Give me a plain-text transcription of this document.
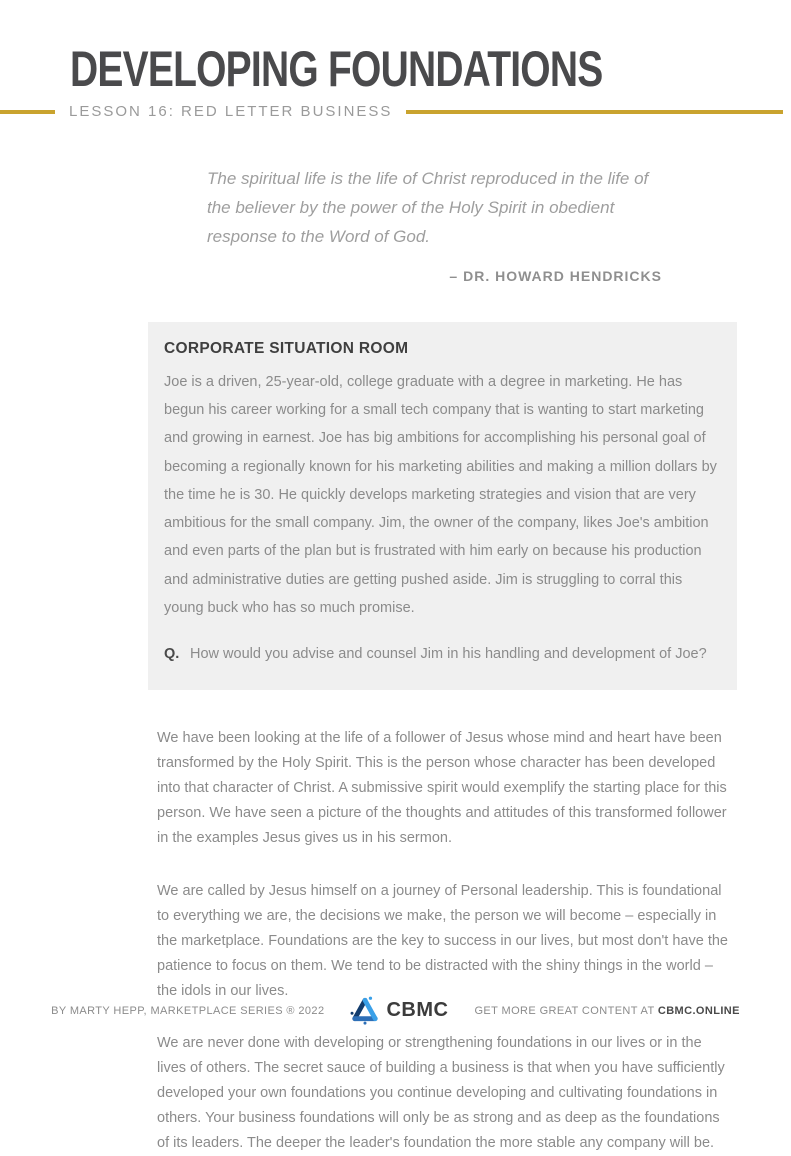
DEVELOPING FOUNDATIONS
LESSON 16: RED LETTER BUSINESS
The spiritual life is the life of Christ reproduced in the life of the believer by the power of the Holy Spirit in obedient response to the Word of God.
– DR. HOWARD HENDRICKS
CORPORATE SITUATION ROOM
Joe is a driven, 25-year-old, college graduate with a degree in marketing. He has begun his career working for a small tech company that is wanting to start marketing and growing in earnest. Joe has big ambitions for accomplishing his personal goal of becoming a regionally known for his marketing abilities and making a million dollars by the time he is 30. He quickly develops marketing strategies and vision that are very ambitious for the small company. Jim, the owner of the company, likes Joe's ambition and even parts of the plan but is frustrated with him early on because his production and administrative duties are getting pushed aside. Jim is struggling to corral this young buck who has so much promise.
Q. How would you advise and counsel Jim in his handling and development of Joe?

We have been looking at the life of a follower of Jesus whose mind and heart have been transformed by the Holy Spirit. This is the person whose character has been developed into that character of Christ. A submissive spirit would exemplify the starting place for this person. We have seen a picture of the thoughts and attitudes of this transformed follower in the examples Jesus gives us in his sermon.

We are called by Jesus himself on a journey of Personal leadership. This is foundational to everything we are, the decisions we make, the person we will become – especially in the marketplace. Foundations are the key to success in our lives, but most don't have the patience to focus on them. We tend to be distracted with the shiny things in the world – the idols in our lives.

We are never done with developing or strengthening foundations in our lives or in the lives of others. The secret sauce of building a business is that when you have sufficiently developed your own foundations you continue developing and cultivating foundations in others. Your business foundations will only be as strong and as deep as the foundations of its leaders. The deeper the leader's foundation the more stable any company will be.

BY MARTY HEPP, MARKETPLACE SERIES ® 2022	CBMC GET MORE GREAT CONTENT AT CBMC.ONLINE
